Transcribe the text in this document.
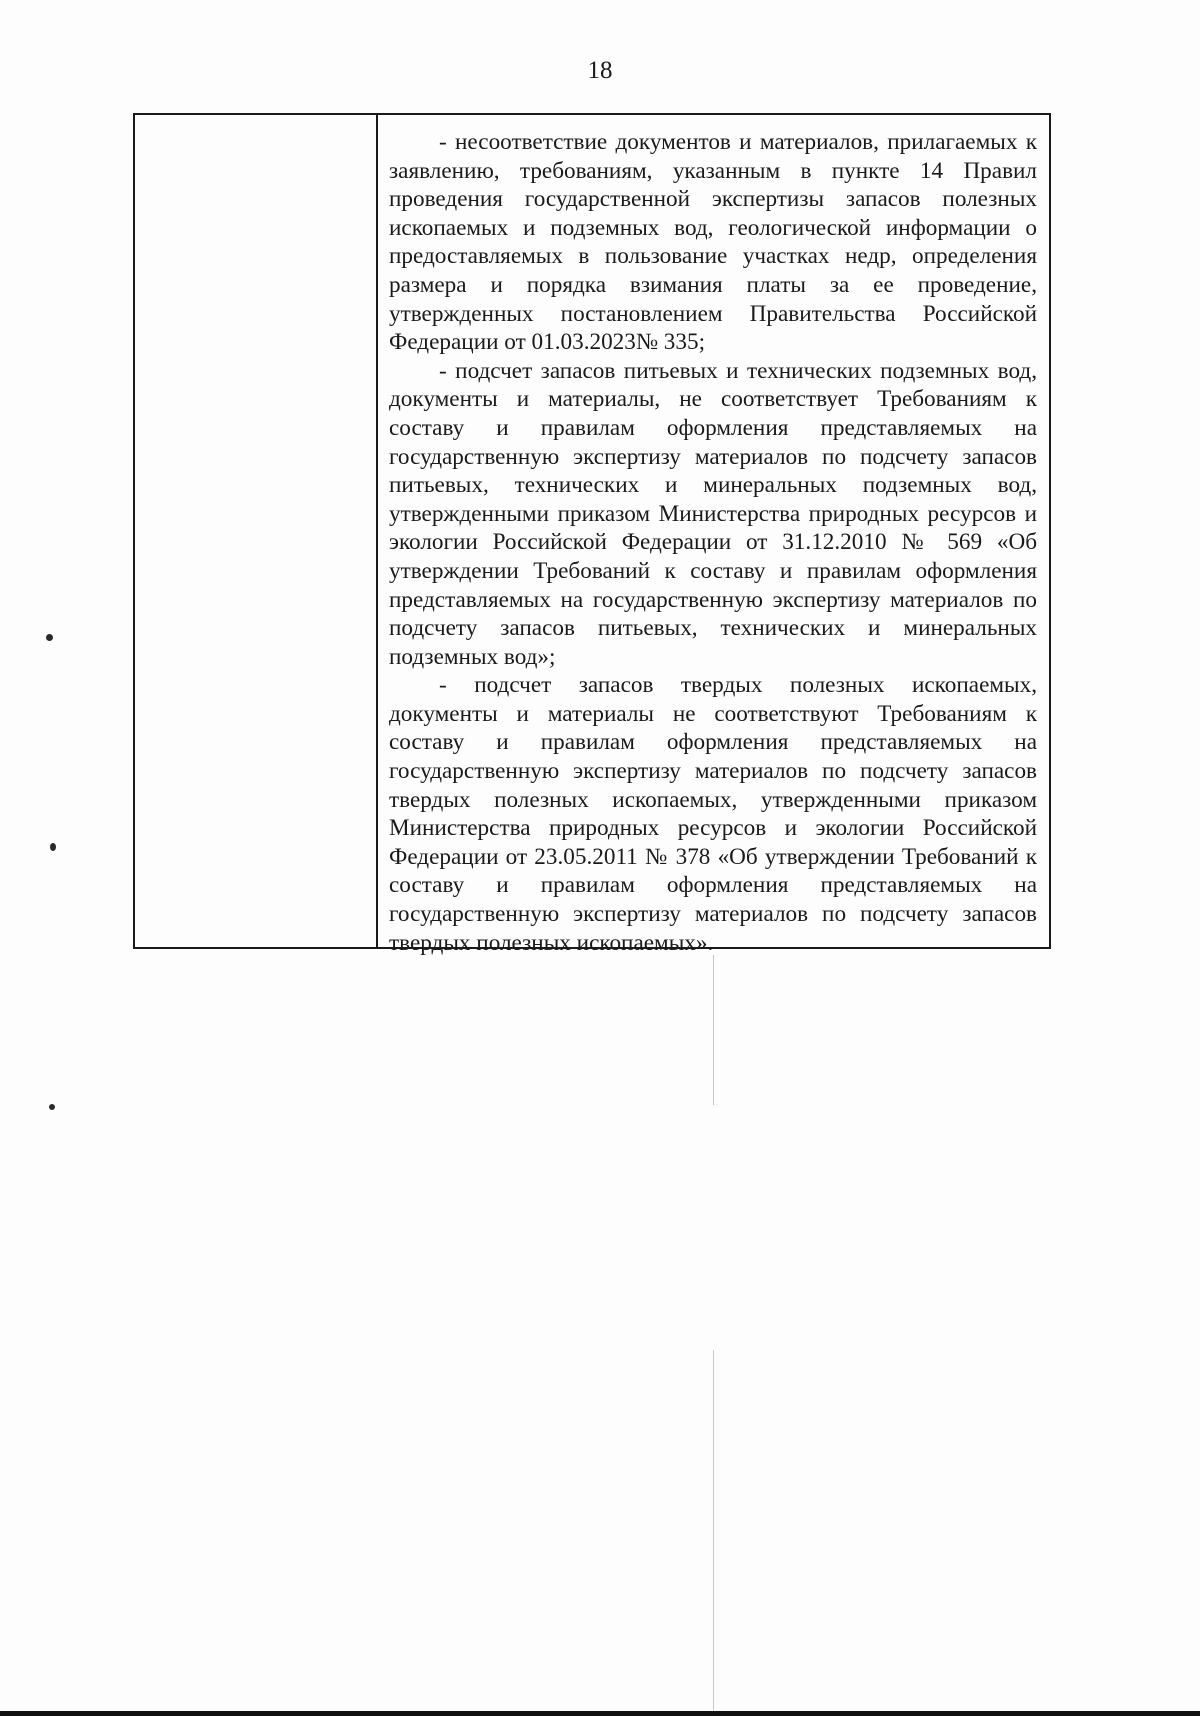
18

- несоответствие документов и материалов, прилагаемых к заявлению, требованиям, указанным в пункте 14 Правил проведения государственной экспертизы запасов полезных ископаемых и подземных вод, геологической информации о предоставляемых в пользование участках недр, определения размера и порядка взимания платы за ее проведение, утвержденных постановлением Правительства Российской Федерации от 01.03.2023№ 335;

- подсчет запасов питьевых и технических подземных вод, документы и материалы, не соответствует Требованиям к составу и правилам оформления представляемых на государственную экспертизу материалов по подсчету запасов питьевых, технических и минеральных подземных вод, утвержденными приказом Министерства природных ресурсов и экологии Российской Федерации от 31.12.2010 № 569 «Об утверждении Требований к составу и правилам оформления представляемых на государственную экспертизу материалов по подсчету запасов питьевых, технических и минеральных подземных вод»;

- подсчет запасов твердых полезных ископаемых, документы и материалы не соответствуют Требованиям к составу и правилам оформления представляемых на государственную экспертизу материалов по подсчету запасов твердых полезных ископаемых, утвержденными приказом Министерства природных ресурсов и экологии Российской Федерации от 23.05.2011 № 378 «Об утверждении Требований к составу и правилам оформления представляемых на государственную экспертизу материалов по подсчету запасов твердых полезных ископаемых».
